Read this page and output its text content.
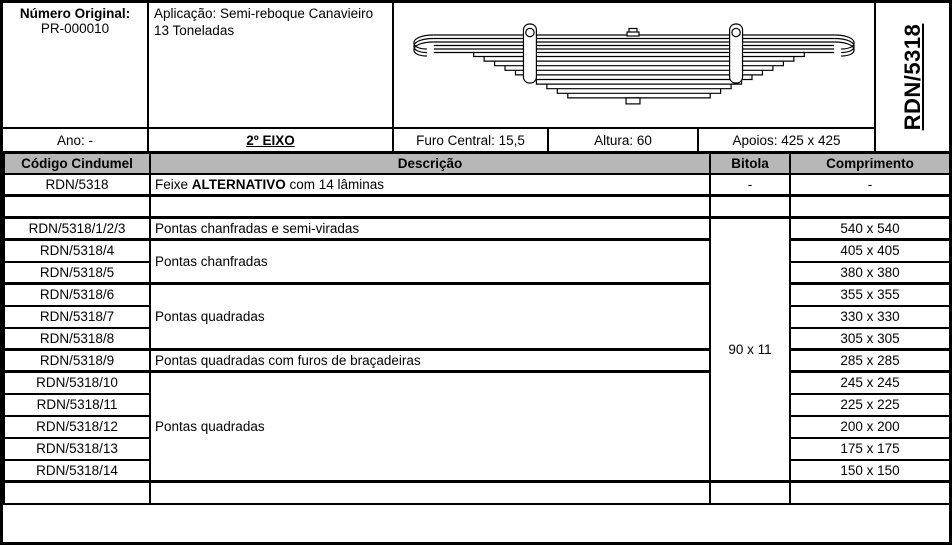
Número Original:
PR-000010
Aplicação: Semi-reboque Canavieiro 13 Toneladas	RDN/5318
Ano: -	2º EIXO	Furo Central: 15,5	Altura: 60	Apoios: 425 x 425
Código Cindumel	Descrição	Bitola	Comprimento
RDN/5318	Feixe ALTERNATIVO com 14 lâminas	-	-

RDN/5318/1/2/3	Pontas chanfradas e semi-viradas	90 x 11	540 x 540
RDN/5318/4	Pontas chanfradas		405 x 405
RDN/5318/5			380 x 380
RDN/5318/6	Pontas quadradas		355 x 355
RDN/5318/7			330 x 330
RDN/5318/8			305 x 305
RDN/5318/9	Pontas quadradas com furos de braçadeiras		285 x 285
RDN/5318/10	Pontas quadradas		245 x 245
RDN/5318/11			225 x 225
RDN/5318/12			200 x 200
RDN/5318/13			175 x 175
RDN/5318/14			150 x 150
